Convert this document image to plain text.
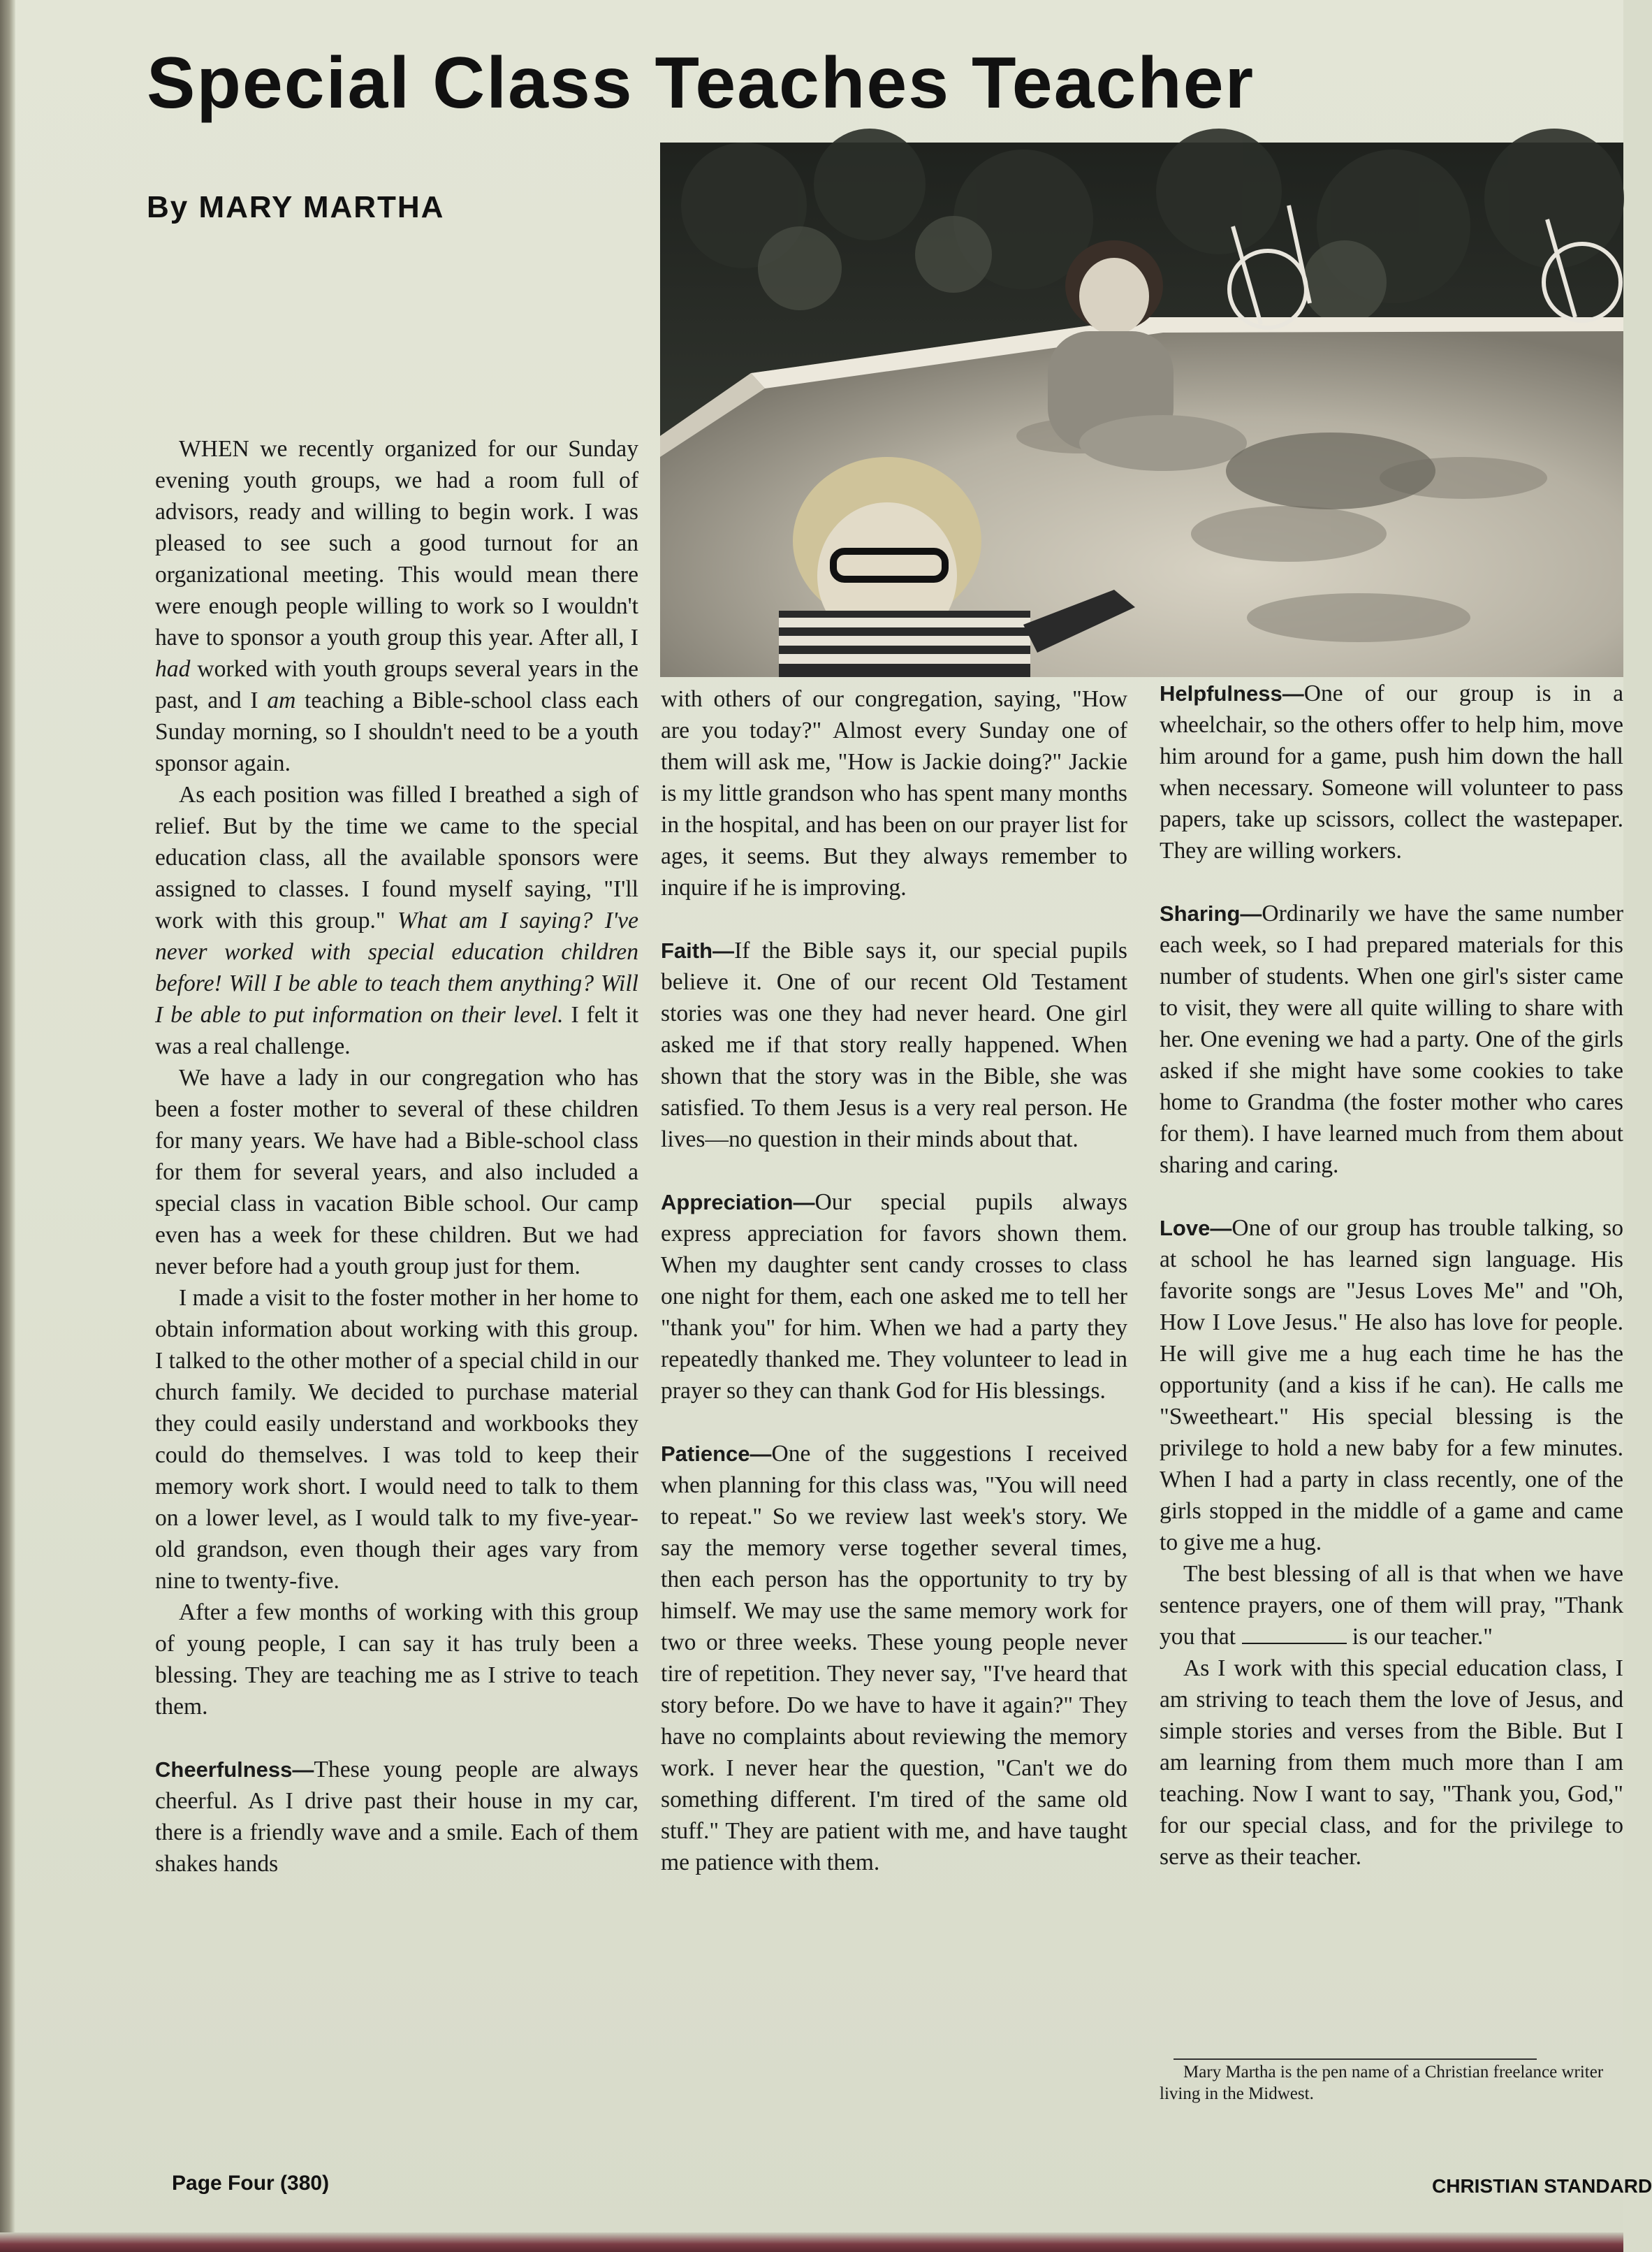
Special Class Teaches Teacher
By MARY MARTHA

WHEN we recently organized for our Sunday evening youth groups, we had a room full of advisors, ready and willing to begin work. I was pleased to see such a good turnout for an organizational meeting. This would mean there were enough people willing to work so I wouldn't have to sponsor a youth group this year. After all, I had worked with youth groups several years in the past, and I am teaching a Bible-school class each Sunday morning, so I shouldn't need to be a youth sponsor again.

As each position was filled I breathed a sigh of relief. But by the time we came to the special education class, all the available sponsors were assigned to classes. I found myself saying, "I'll work with this group." What am I saying? I've never worked with special education children before! Will I be able to teach them anything? Will I be able to put information on their level. I felt it was a real challenge.

We have a lady in our congregation who has been a foster mother to several of these children for many years. We have had a Bible-school class for them for several years, and also included a special class in vacation Bible school. Our camp even has a week for these children. But we had never before had a youth group just for them.

I made a visit to the foster mother in her home to obtain information about working with this group. I talked to the other mother of a special child in our church family. We decided to purchase material they could easily understand and workbooks they could do themselves. I was told to keep their memory work short. I would need to talk to them on a lower level, as I would talk to my five-year-old grandson, even though their ages vary from nine to twenty-five.

After a few months of working with this group of young people, I can say it has truly been a blessing. They are teaching me as I strive to teach them.

Cheerfulness—These young people are always cheerful. As I drive past their house in my car, there is a friendly wave and a smile. Each of them shakes hands

with others of our congregation, saying, "How are you today?" Almost every Sunday one of them will ask me, "How is Jackie doing?" Jackie is my little grandson who has spent many months in the hospital, and has been on our prayer list for ages, it seems. But they always remember to inquire if he is improving.

Faith—If the Bible says it, our special pupils believe it. One of our recent Old Testament stories was one they had never heard. One girl asked me if that story really happened. When shown that the story was in the Bible, she was satisfied. To them Jesus is a very real person. He lives—no question in their minds about that.

Appreciation—Our special pupils always express appreciation for favors shown them. When my daughter sent candy crosses to class one night for them, each one asked me to tell her "thank you" for him. When we had a party they repeatedly thanked me. They volunteer to lead in prayer so they can thank God for His blessings.

Patience—One of the suggestions I received when planning for this class was, "You will need to repeat." So we review last week's story. We say the memory verse together several times, then each person has the opportunity to try by himself. We may use the same memory work for two or three weeks. These young people never tire of repetition. They never say, "I've heard that story before. Do we have to have it again?" They have no complaints about reviewing the memory work. I never hear the question, "Can't we do something different. I'm tired of the same old stuff." They are patient with me, and have taught me patience with them.

Helpfulness—One of our group is in a wheelchair, so the others offer to help him, move him around for a game, push him down the hall when necessary. Someone will volunteer to pass papers, take up scissors, collect the wastepaper. They are willing workers.

Sharing—Ordinarily we have the same number each week, so I had prepared materials for this number of students. When one girl's sister came to visit, they were all quite willing to share with her. One evening we had a party. One of the girls asked if she might have some cookies to take home to Grandma (the foster mother who cares for them). I have learned much from them about sharing and caring.

Love—One of our group has trouble talking, so at school he has learned sign language. His favorite songs are "Jesus Loves Me" and "Oh, How I Love Jesus." He also has love for people. He will give me a hug each time he has the opportunity (and a kiss if he can). He calls me "Sweetheart." His special blessing is the privilege to hold a new baby for a few minutes. When I had a party in class recently, one of the girls stopped in the middle of a game and came to give me a hug.

The best blessing of all is that when we have sentence prayers, one of them will pray, "Thank you that	is our teacher."

As I work with this special education class, I am striving to teach them the love of Jesus, and simple stories and verses from the Bible. But I am learning from them much more than I am teaching. Now I want to say, "Thank you, God," for our special class, and for the privilege to serve as their teacher.

Mary Martha is the pen name of a Christian freelance writer living in the Midwest.
Page Four (380)	CHRISTIAN STANDARD
